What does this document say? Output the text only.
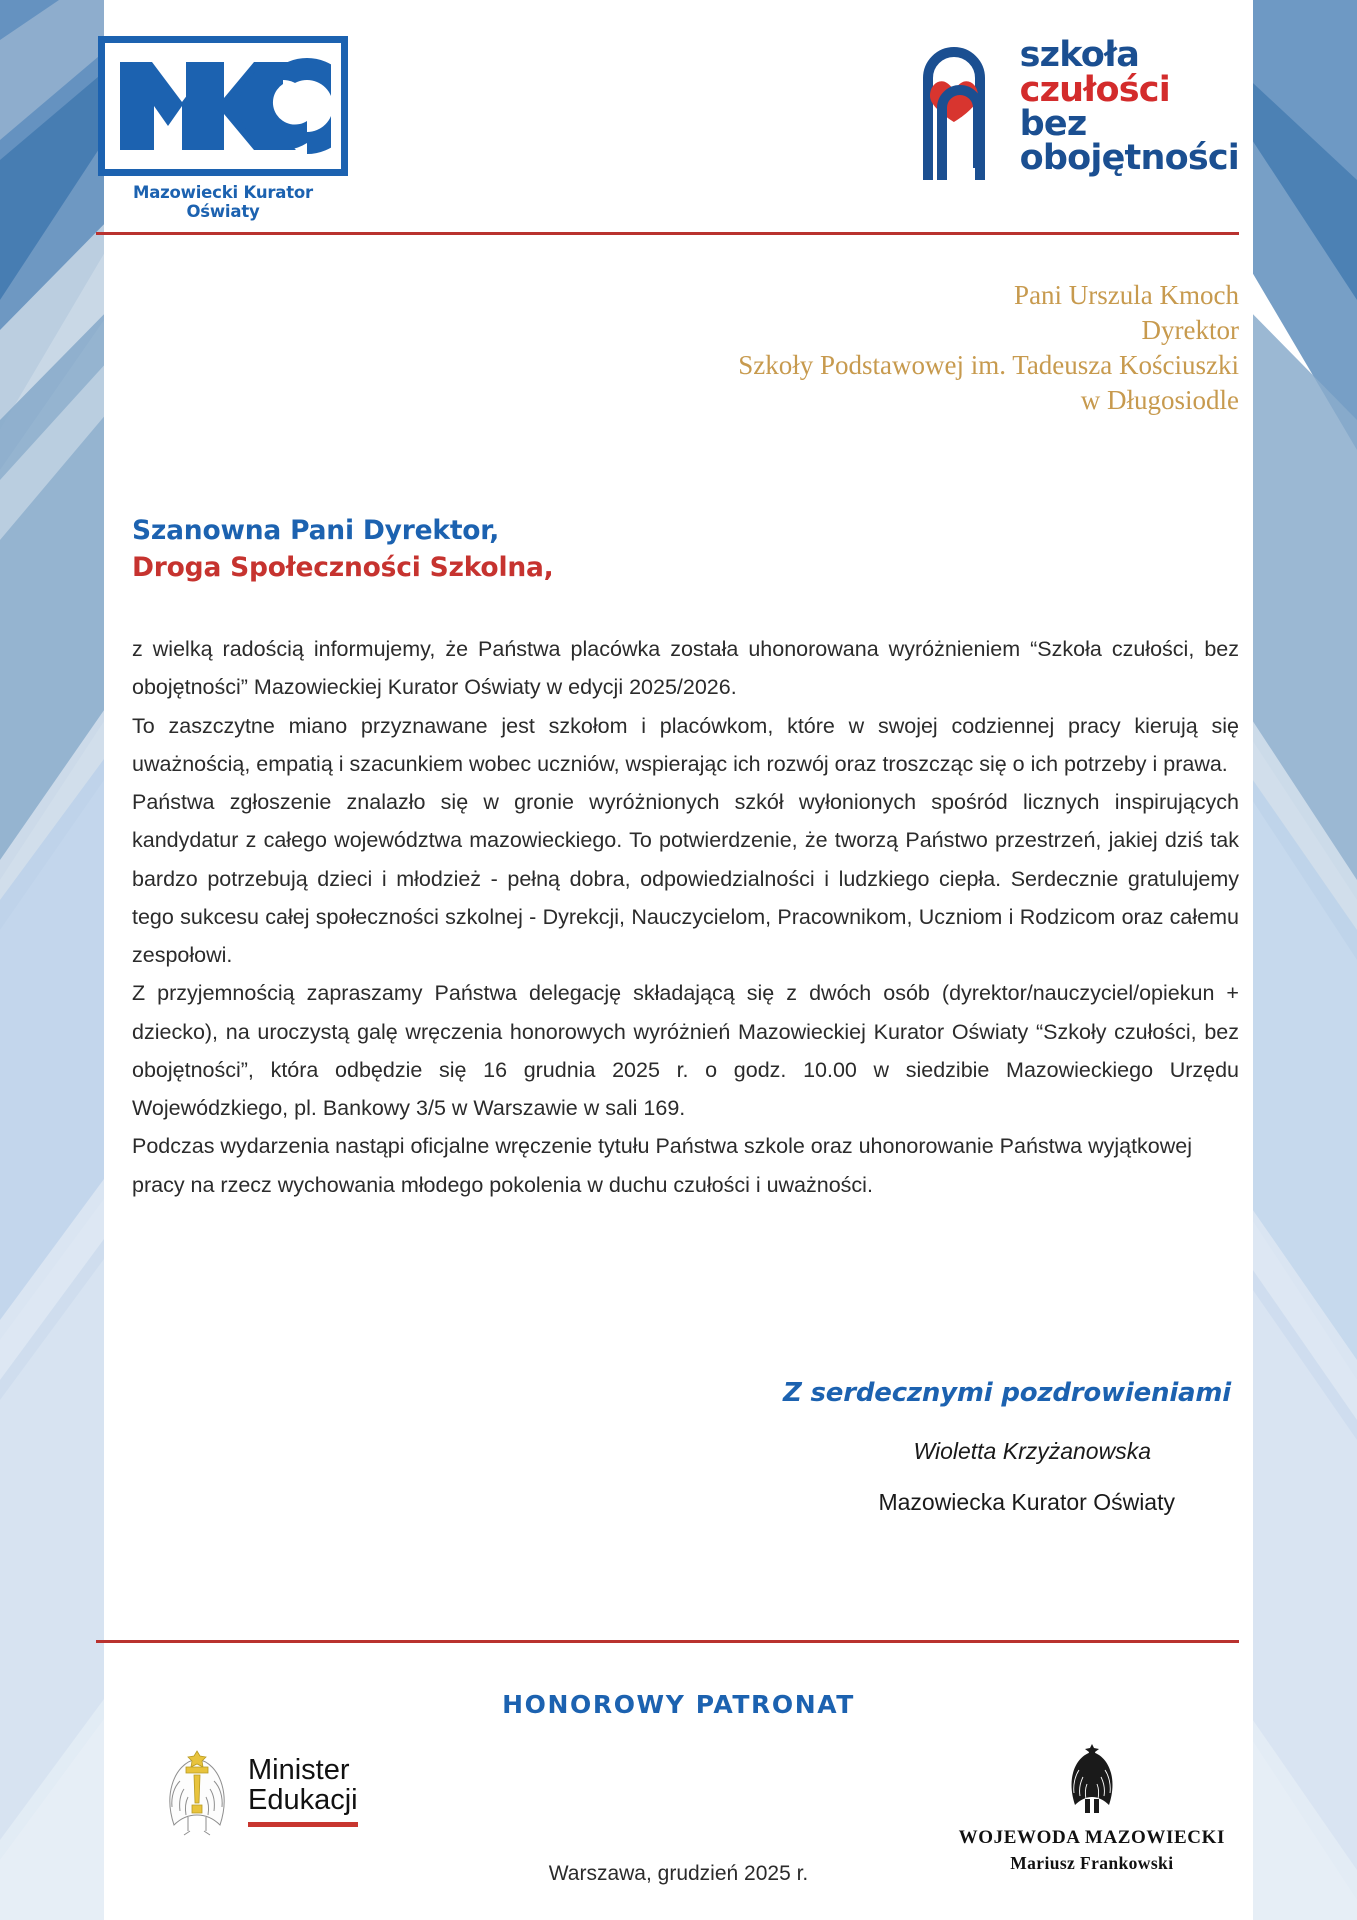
Mazowiecki Kurator Oświaty
szkoła
czułości
bez
obojętności
Pani Urszula Kmoch
Dyrektor
Szkoły Podstawowej im. Tadeusza Kościuszki
w Długosiodle
Szanowna Pani Dyrektor,
Droga Społeczności Szkolna,

z wielką radością informujemy, że Państwa placówka została uhonorowana wyróżnieniem “Szkoła czułości, bez obojętności” Mazowieckiej Kurator Oświaty w edycji 2025/2026.

To zaszczytne miano przyznawane jest szkołom i placówkom, które w swojej codziennej pracy kierują się uważnością, empatią i szacunkiem wobec uczniów, wspierając ich rozwój oraz troszcząc się o ich potrzeby i prawa.

Państwa zgłoszenie znalazło się w gronie wyróżnionych szkół wyłonionych spośród licznych inspirujących kandydatur z całego województwa mazowieckiego. To potwierdzenie, że tworzą Państwo przestrzeń, jakiej dziś tak bardzo potrzebują dzieci i młodzież - pełną dobra, odpowiedzialności i ludzkiego ciepła. Serdecznie gratulujemy tego sukcesu całej społeczności szkolnej - Dyrekcji, Nauczycielom, Pracownikom, Uczniom i Rodzicom oraz całemu zespołowi.

Z przyjemnością zapraszamy Państwa delegację składającą się z dwóch osób (dyrektor/nauczyciel/opiekun + dziecko), na uroczystą galę wręczenia honorowych wyróżnień Mazowieckiej Kurator Oświaty “Szkoły czułości, bez obojętności”, która odbędzie się 16 grudnia 2025 r. o godz. 10.00 w siedzibie Mazowieckiego Urzędu Wojewódzkiego, pl. Bankowy 3/5 w Warszawie w sali 169.

Podczas wydarzenia nastąpi oficjalne wręczenie tytułu Państwa szkole oraz uhonorowanie Państwa wyjątkowej pracy na rzecz wychowania młodego pokolenia w duchu czułości i uważności.

Z serdecznymi pozdrowieniami
Wioletta Krzyżanowska
Mazowiecka Kurator Oświaty
HONOROWY PATRONAT
Minister
Edukacji
WOJEWODA MAZOWIECKI
Mariusz Frankowski
Warszawa, grudzień 2025 r.
